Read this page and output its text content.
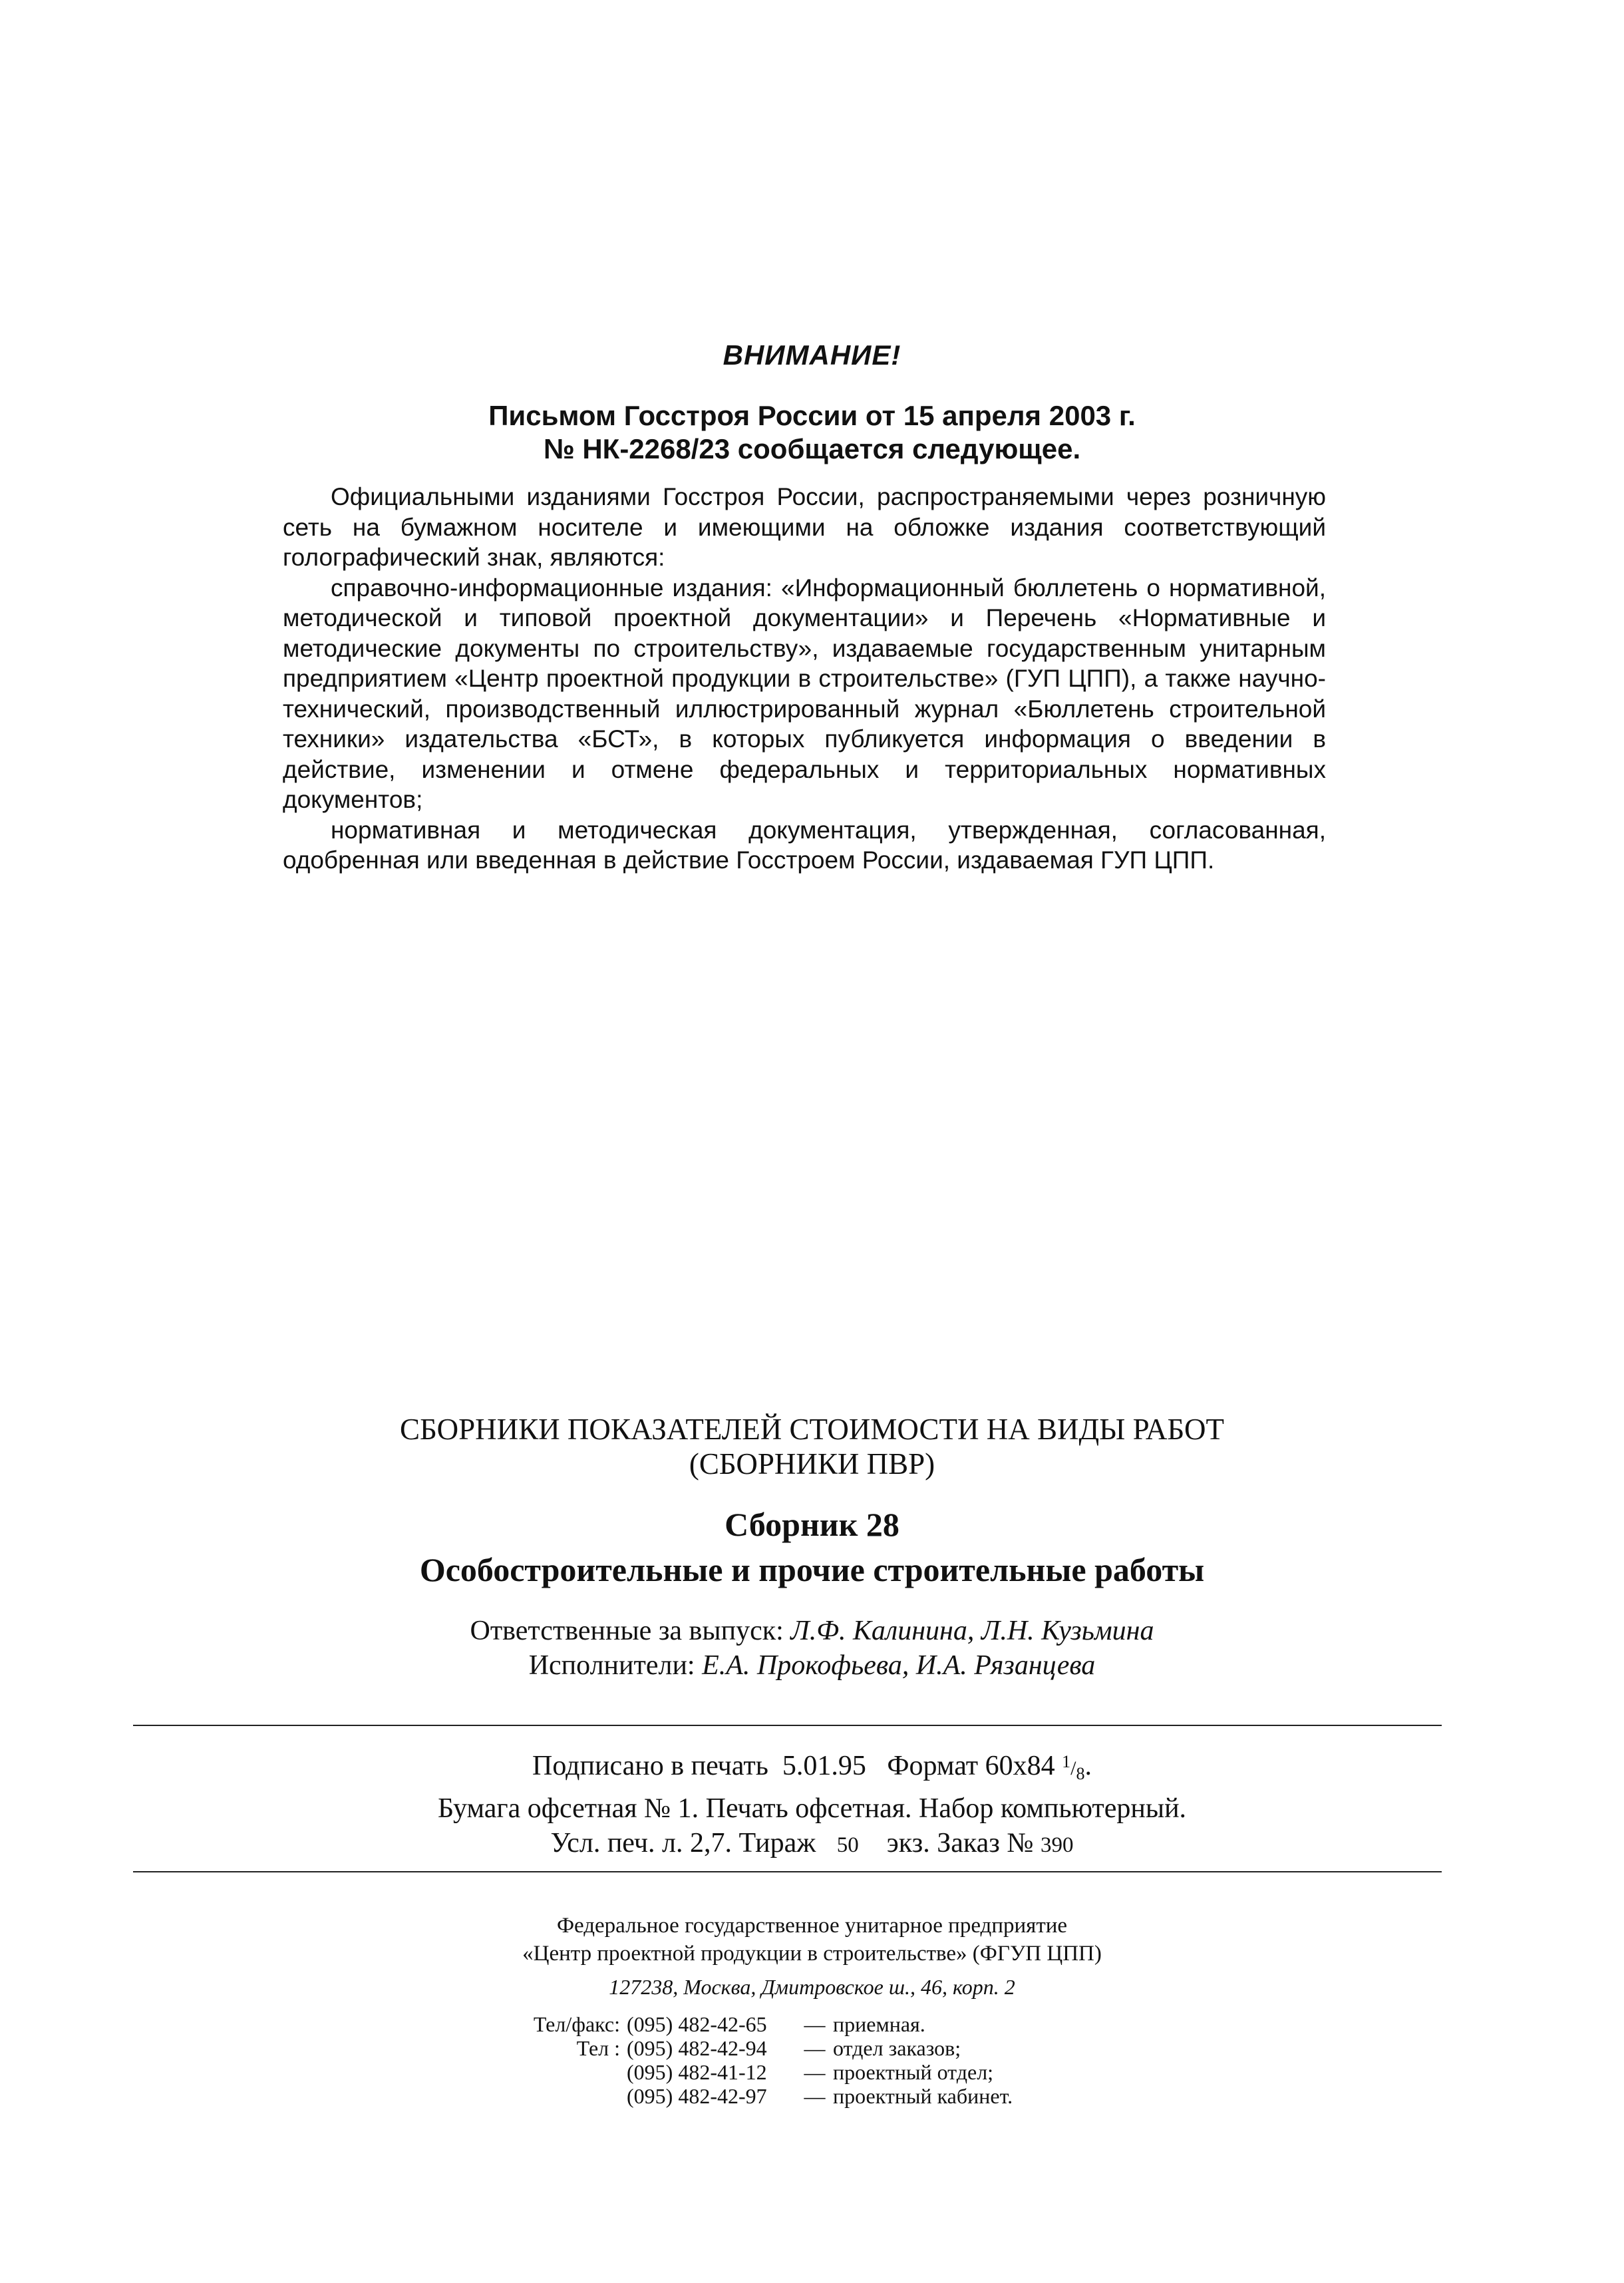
ВНИМАНИЕ!
Письмом Госстроя России от 15 апреля 2003 г.
№ НК-2268/23 сообщается следующее.

Официальными изданиями Госстроя России, распространяемыми через розничную сеть на бумажном носителе и имеющими на обложке издания соответствующий голографический знак, являются:

справочно-информационные издания: «Информационный бюллетень о нормативной, методической и типовой проектной документации» и Перечень «Нормативные и методические документы по строительству», издаваемые государственным унитарным предприятием «Центр проектной продукции в строительстве» (ГУП ЦПП), а также научно-технический, производственный иллюстрированный журнал «Бюллетень строительной техники» издательства «БСТ», в которых публикуется информация о введении в действие, изменении и отмене федеральных и территориальных нормативных документов;

нормативная и методическая документация, утвержденная, согласованная, одобренная или введенная в действие Госстроем России, издаваемая ГУП ЦПП.

СБОРНИКИ ПОКАЗАТЕЛЕЙ СТОИМОСТИ НА ВИДЫ РАБОТ
(СБОРНИКИ ПВР)
Сборник 28
Особостроительные и прочие строительные работы
Ответственные за выпуск: Л.Ф. Калинина, Л.Н. Кузьмина
Исполнители: Е.А. Прокофьева, И.А. Рязанцева
Подписано в печать 5.01.95 Формат 60х84 $^1/_8$.
Бумага офсетная № 1. Печать офсетная. Набор компьютерный.
Усл. печ. л. 2,7. Тираж 50 экз. Заказ № 390
Федеральное государственное унитарное предприятие
«Центр проектной продукции в строительстве» (ФГУП ЦПП)
127238, Москва, Дмитровское ш., 46, корп. 2
Тел/факс: (095) 482-42-65	— приемная.
Тел : (095) 482-42-94	— отдел заказов;
(095) 482-41-12	— проектный отдел;
(095) 482-42-97	— проектный кабинет.
